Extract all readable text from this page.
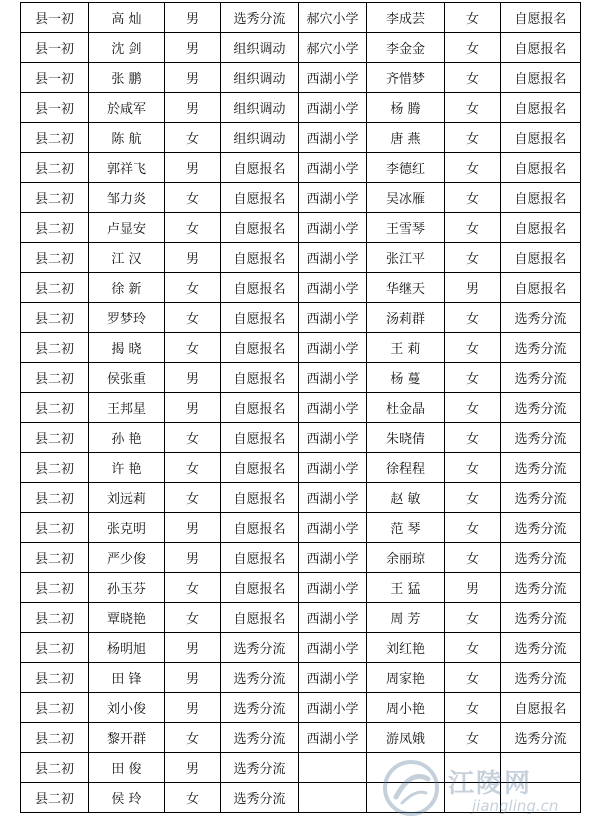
县一初	高 灿	男	选秀分流	郝穴小学	李成芸	女	自愿报名
县一初	沈 剑	男	组织调动	郝穴小学	李金金	女	自愿报名
县一初	张 鹏	男	组织调动	西湖小学	齐惜梦	女	自愿报名
县一初	於咸军	男	组织调动	西湖小学	杨 腾	女	自愿报名
县二初	陈 航	女	组织调动	西湖小学	唐 燕	女	自愿报名
县二初	郭祥飞	男	自愿报名	西湖小学	李德红	女	自愿报名
县二初	邹力炎	女	自愿报名	西湖小学	吴冰雁	女	自愿报名
县二初	卢显安	女	自愿报名	西湖小学	王雪琴	女	自愿报名
县二初	江 汉	男	自愿报名	西湖小学	张江平	女	自愿报名
县二初	徐 新	女	自愿报名	西湖小学	华继天	男	自愿报名
县二初	罗梦玲	女	自愿报名	西湖小学	汤莉群	女	选秀分流
县二初	揭 晓	女	自愿报名	西湖小学	王 莉	女	选秀分流
县二初	侯张重	男	自愿报名	西湖小学	杨 蔓	女	选秀分流
县二初	王邦星	男	自愿报名	西湖小学	杜金晶	女	选秀分流
县二初	孙 艳	女	自愿报名	西湖小学	朱晓倩	女	选秀分流
县二初	许 艳	女	自愿报名	西湖小学	徐程程	女	选秀分流
县二初	刘远莉	女	自愿报名	西湖小学	赵 敏	女	选秀分流
县二初	张克明	男	自愿报名	西湖小学	范 琴	女	选秀分流
县二初	严少俊	男	自愿报名	西湖小学	余丽琼	女	选秀分流
县二初	孙玉芬	女	自愿报名	西湖小学	王 猛	男	选秀分流
县二初	覃晓艳	女	自愿报名	西湖小学	周 芳	女	选秀分流
县二初	杨明旭	男	选秀分流	西湖小学	刘红艳	女	选秀分流
县二初	田 锋	男	选秀分流	西湖小学	周家艳	女	选秀分流
县二初	刘小俊	男	选秀分流	西湖小学	周小艳	女	自愿报名
县二初	黎开群	女	选秀分流	西湖小学	游凤娥	女	选秀分流
县二初	田 俊	男	选秀分流				
县二初	侯 玲	女	选秀分流				
江陵网
jiangling.cn
